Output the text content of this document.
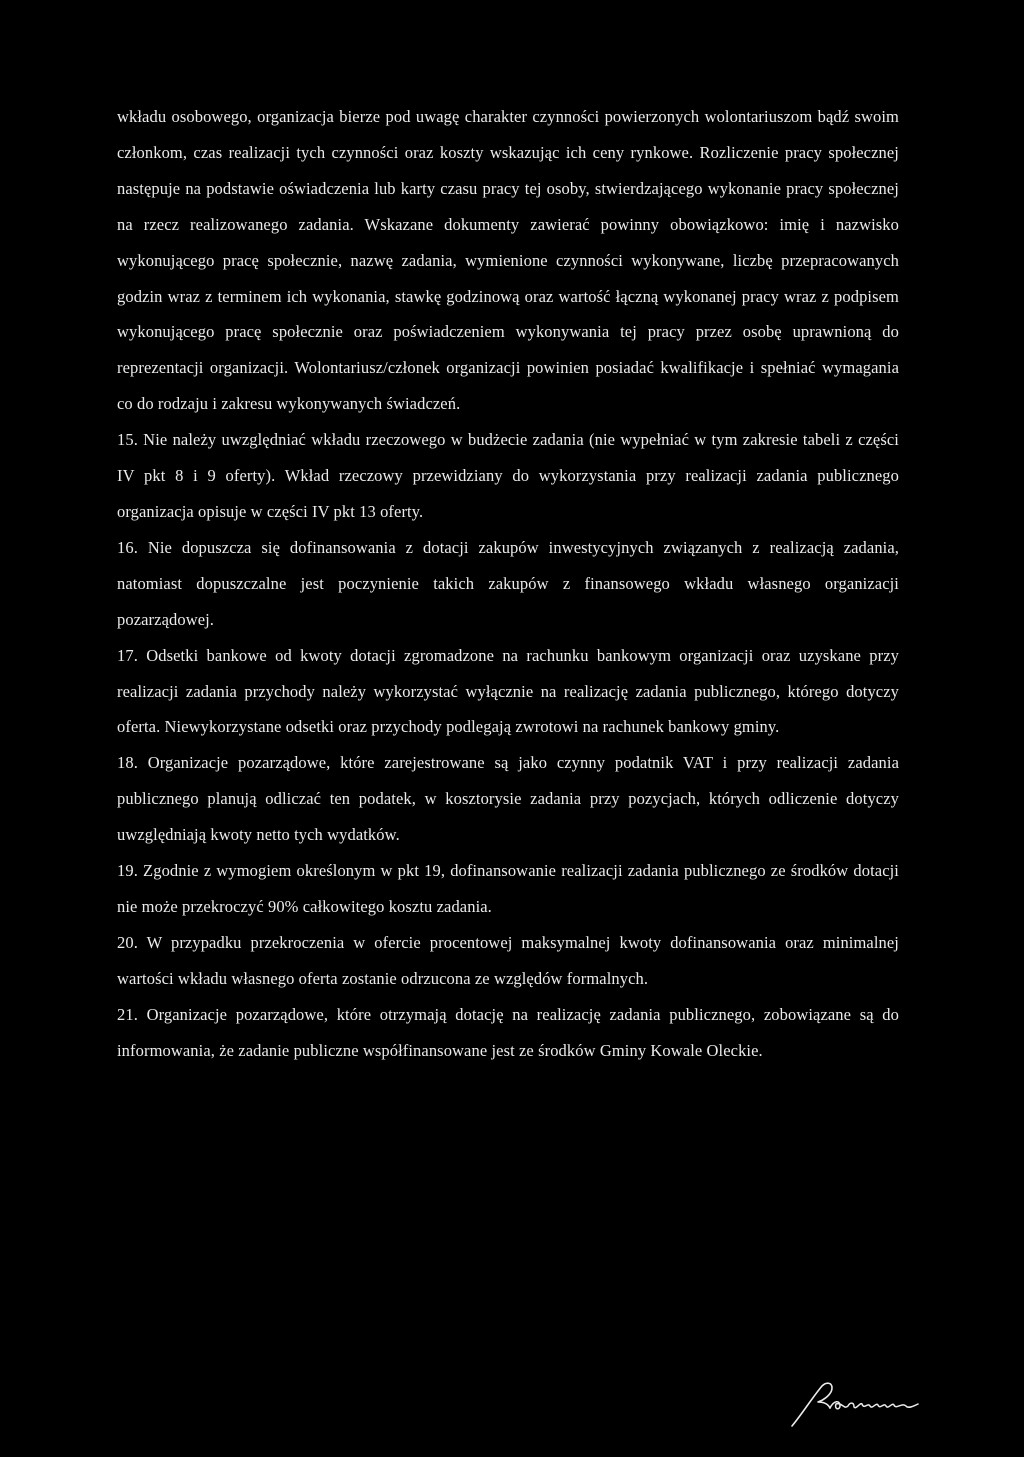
wkładu osobowego, organizacja bierze pod uwagę charakter czynności powierzonych wolontariuszom bądź swoim członkom, czas realizacji tych czynności oraz koszty wskazując ich ceny rynkowe. Rozliczenie pracy społecznej następuje na podstawie oświadczenia lub karty czasu pracy tej osoby, stwierdzającego wykonanie pracy społecznej na rzecz realizowanego zadania. Wskazane dokumenty zawierać powinny obowiązkowo: imię i nazwisko wykonującego pracę społecznie, nazwę zadania, wymienione czynności wykonywane, liczbę przepracowanych godzin wraz z terminem ich wykonania, stawkę godzinową oraz wartość łączną wykonanej pracy wraz z podpisem wykonującego pracę społecznie oraz poświadczeniem wykonywania tej pracy przez osobę uprawnioną do reprezentacji organizacji. Wolontariusz/członek organizacji powinien posiadać kwalifikacje i spełniać wymagania co do rodzaju i zakresu wykonywanych świadczeń.

15. Nie należy uwzględniać wkładu rzeczowego w budżecie zadania (nie wypełniać w tym zakresie tabeli z części IV pkt 8 i 9 oferty). Wkład rzeczowy przewidziany do wykorzystania przy realizacji zadania publicznego organizacja opisuje w części IV pkt 13 oferty.

16. Nie dopuszcza się dofinansowania z dotacji zakupów inwestycyjnych związanych z realizacją zadania, natomiast dopuszczalne jest poczynienie takich zakupów z finansowego wkładu własnego organizacji pozarządowej.

17. Odsetki bankowe od kwoty dotacji zgromadzone na rachunku bankowym organizacji oraz uzyskane przy realizacji zadania przychody należy wykorzystać wyłącznie na realizację zadania publicznego, którego dotyczy oferta. Niewykorzystane odsetki oraz przychody podlegają zwrotowi na rachunek bankowy gminy.

18. Organizacje pozarządowe, które zarejestrowane są jako czynny podatnik VAT i przy realizacji zadania publicznego planują odliczać ten podatek, w kosztorysie zadania przy pozycjach, których odliczenie dotyczy uwzględniają kwoty netto tych wydatków.

19. Zgodnie z wymogiem określonym w pkt 19, dofinansowanie realizacji zadania publicznego ze środków dotacji nie może przekroczyć 90% całkowitego kosztu zadania.

20. W przypadku przekroczenia w ofercie procentowej maksymalnej kwoty dofinansowania oraz minimalnej wartości wkładu własnego oferta zostanie odrzucona ze względów formalnych.

21. Organizacje pozarządowe, które otrzymają dotację na realizację zadania publicznego, zobowiązane są do informowania, że zadanie publiczne współfinansowane jest ze środków Gminy Kowale Oleckie.
